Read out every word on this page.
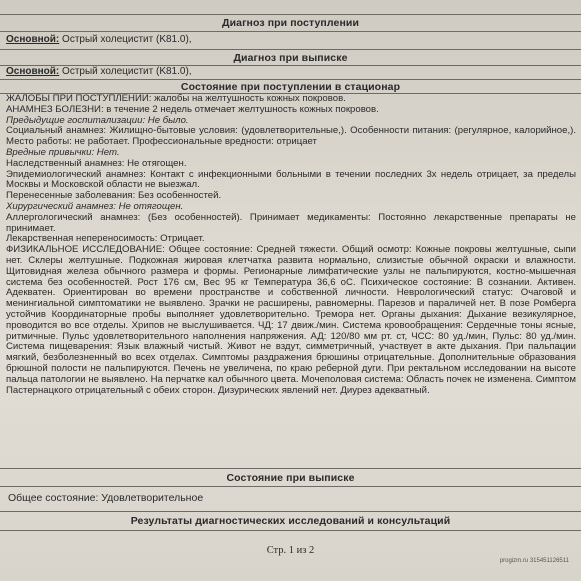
Диагноз при поступлении
Основной: Острый холецистит (K81.0),
Диагноз при выписке
Основной: Острый холецистит (K81.0),
Состояние при поступлении в стационар

ЖАЛОБЫ ПРИ ПОСТУПЛЕНИИ: жалобы на желтушность кожных покровов.

АНАМНЕЗ БОЛЕЗНИ: в течение 2 недель отмечает желтушность кожных покровов.

Предыдущие госпитализации: Не было.

Социальный анамнез: Жилищно-бытовые условия: (удовлетворительные,). Особенности питания: (регулярное, калорийное,). Место работы: не работает. Профессиональные вредности: отрицает

Вредные привычки: Нет.

Наследственный анамнез: Не отягощен.

Эпидемиологический анамнез: Контакт с инфекционными больными в течении последних 3х недель отрицает, за пределы Москвы и Московской области не выезжал.

Перенесенные заболевания: Без особенностей.

Хирургический анамнез: Не отягощен.

Аллергологический анамнез: (Без особенностей). Принимает медикаменты: Постоянно лекарственные препараты не принимает.

Лекарственная непереносимость: Отрицает.

ФИЗИКАЛЬНОЕ ИССЛЕДОВАНИЕ: Общее состояние: Средней тяжести. Общий осмотр: Кожные покровы желтушные, сыпи нет. Склеры желтушные. Подкожная жировая клетчатка развита нормально, слизистые обычной окраски и влажности. Щитовидная железа обычного размера и формы. Регионарные лимфатические узлы не пальпируются, костно-мышечная система без особенностей. Рост 176 см, Вес 95 кг Температура 36,6 oC. Психическое состояние: В сознании. Активен. Адекватен. Ориентирован во времени пространстве и собственной личности. Неврологический статус: Очаговой и менингиальной симптоматики не выявлено. Зрачки не расширены, равномерны. Парезов и параличей нет. В позе Ромберга устойчив Координаторные пробы выполняет удовлетворительно. Тремора нет. Органы дыхания: Дыхание везикулярное, проводится во все отделы. Хрипов не выслушивается. ЧД: 17 движ./мин. Система кровообращения: Сердечные тоны ясные, ритмичные. Пульс удовлетворительного наполнения напряжения. АД: 120/80 мм рт. ст, ЧСС: 80 уд./мин, Пульс: 80 уд./мин. Система пищеварения: Язык влажный чистый. Живот не вздут, симметричный, участвует в акте дыхания. При пальпации мягкий, безболезненный во всех отделах. Симптомы раздражения брюшины отрицательные. Дополнительные образования брюшной полости не пальпируются. Печень не увеличена, по краю реберной дуги. При ректальном исследовании на высоте пальца патологии не выявлено. На перчатке кал обычного цвета. Мочеполовая система: Область почек не изменена. Симптом Пастернацкого отрицательный с обеих сторон. Дизурических явлений нет. Диурез адекватный.

Состояние при выписке
Общее состояние: Удовлетворительное
Результаты диагностических исследований и консультаций
Стр. 1 из 2
progizm.ru 315451126511
